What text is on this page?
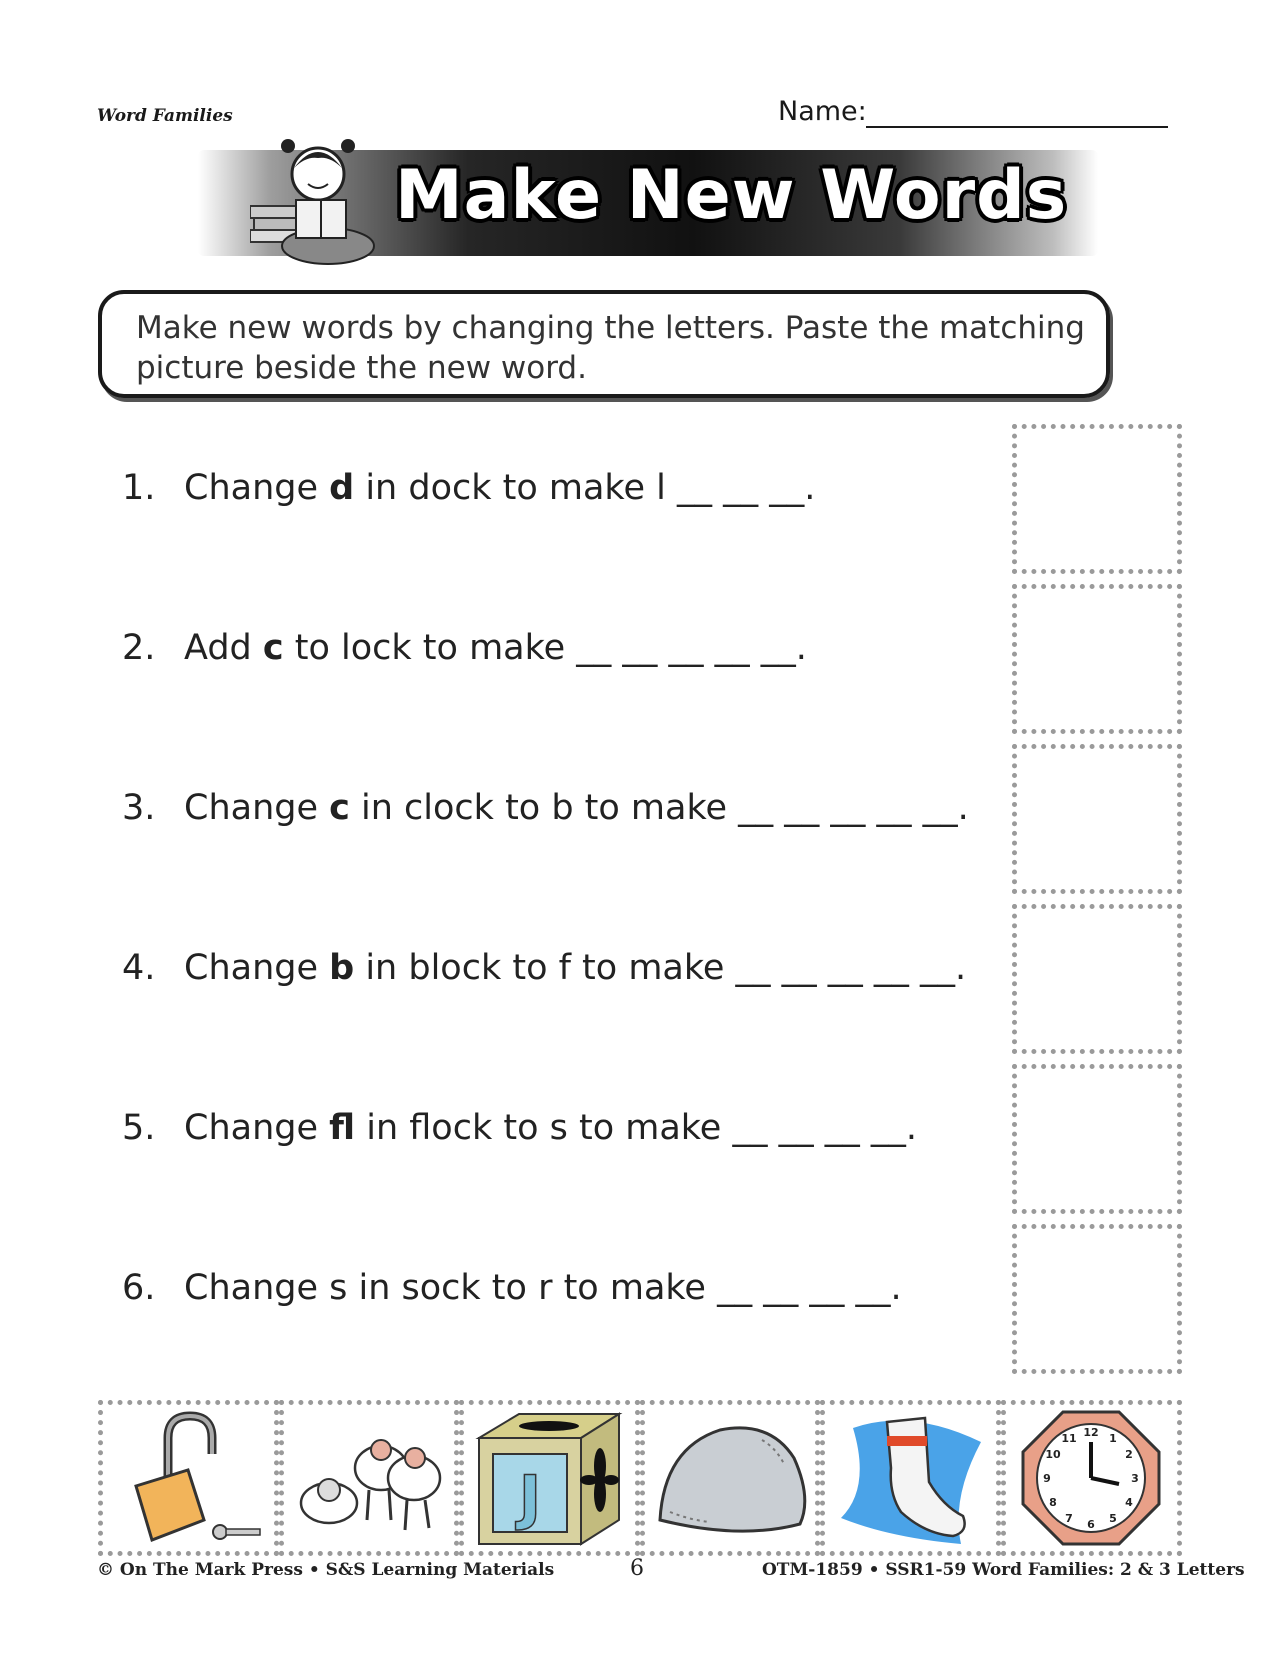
Word Families	Name:
Make New Words
Make new words by changing the letters. Paste the matching picture beside the new word.
1. Change d in dock to make l __ __ __.
2. Add c to lock to make __ __ __ __ __.
3. Change c in clock to b to make __ __ __ __ __.
4. Change b in block to f to make __ __ __ __ __.
5. Change fl in flock to s to make __ __ __ __.
6. Change s in sock to r to make __ __ __ __.
J
12 1
2
3
4
5
6
7
8
9
10
11
© On The Mark Press • S&S Learning Materials	6	OTM-1859 • SSR1-59 Word Families: 2 & 3 Letters
